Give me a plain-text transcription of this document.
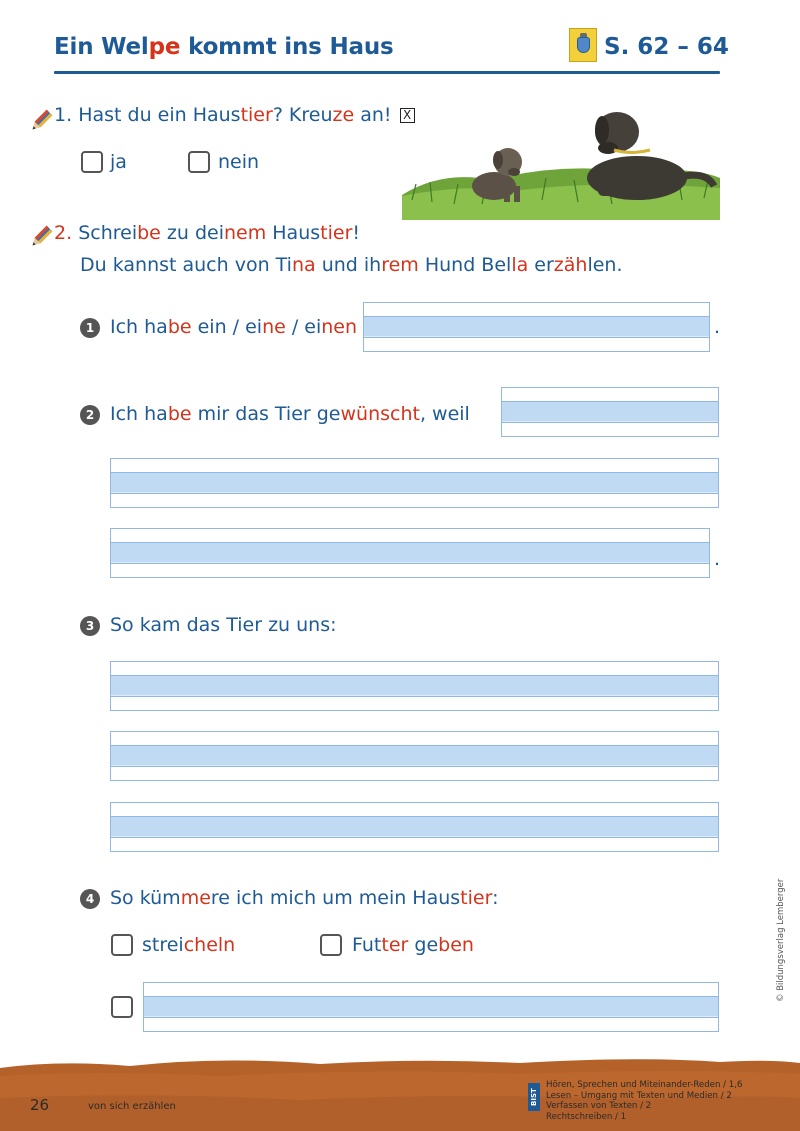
Ein Welpe kommt ins Haus	S. 62 – 64
1. Hast du ein Haustier? Kreuze an! X
ja	nein
2. Schreibe zu deinem Haustier!
Du kannst auch von Tina und ihrem Hund Bella erzählen.
1 Ich habe ein / eine / einen	.
2 Ich habe mir das Tier gewünscht, weil
.
3 So kam das Tier zu uns:
4 So kümmere ich mich um mein Haustier:
streicheln	Futter geben	© Bildungsverlag Lemberger
26	von sich erzählen
BIST
Hören, Sprechen und Miteinander-Reden / 1,6
Lesen – Umgang mit Texten und Medien / 2
Verfassen von Texten / 2
Rechtschreiben / 1
